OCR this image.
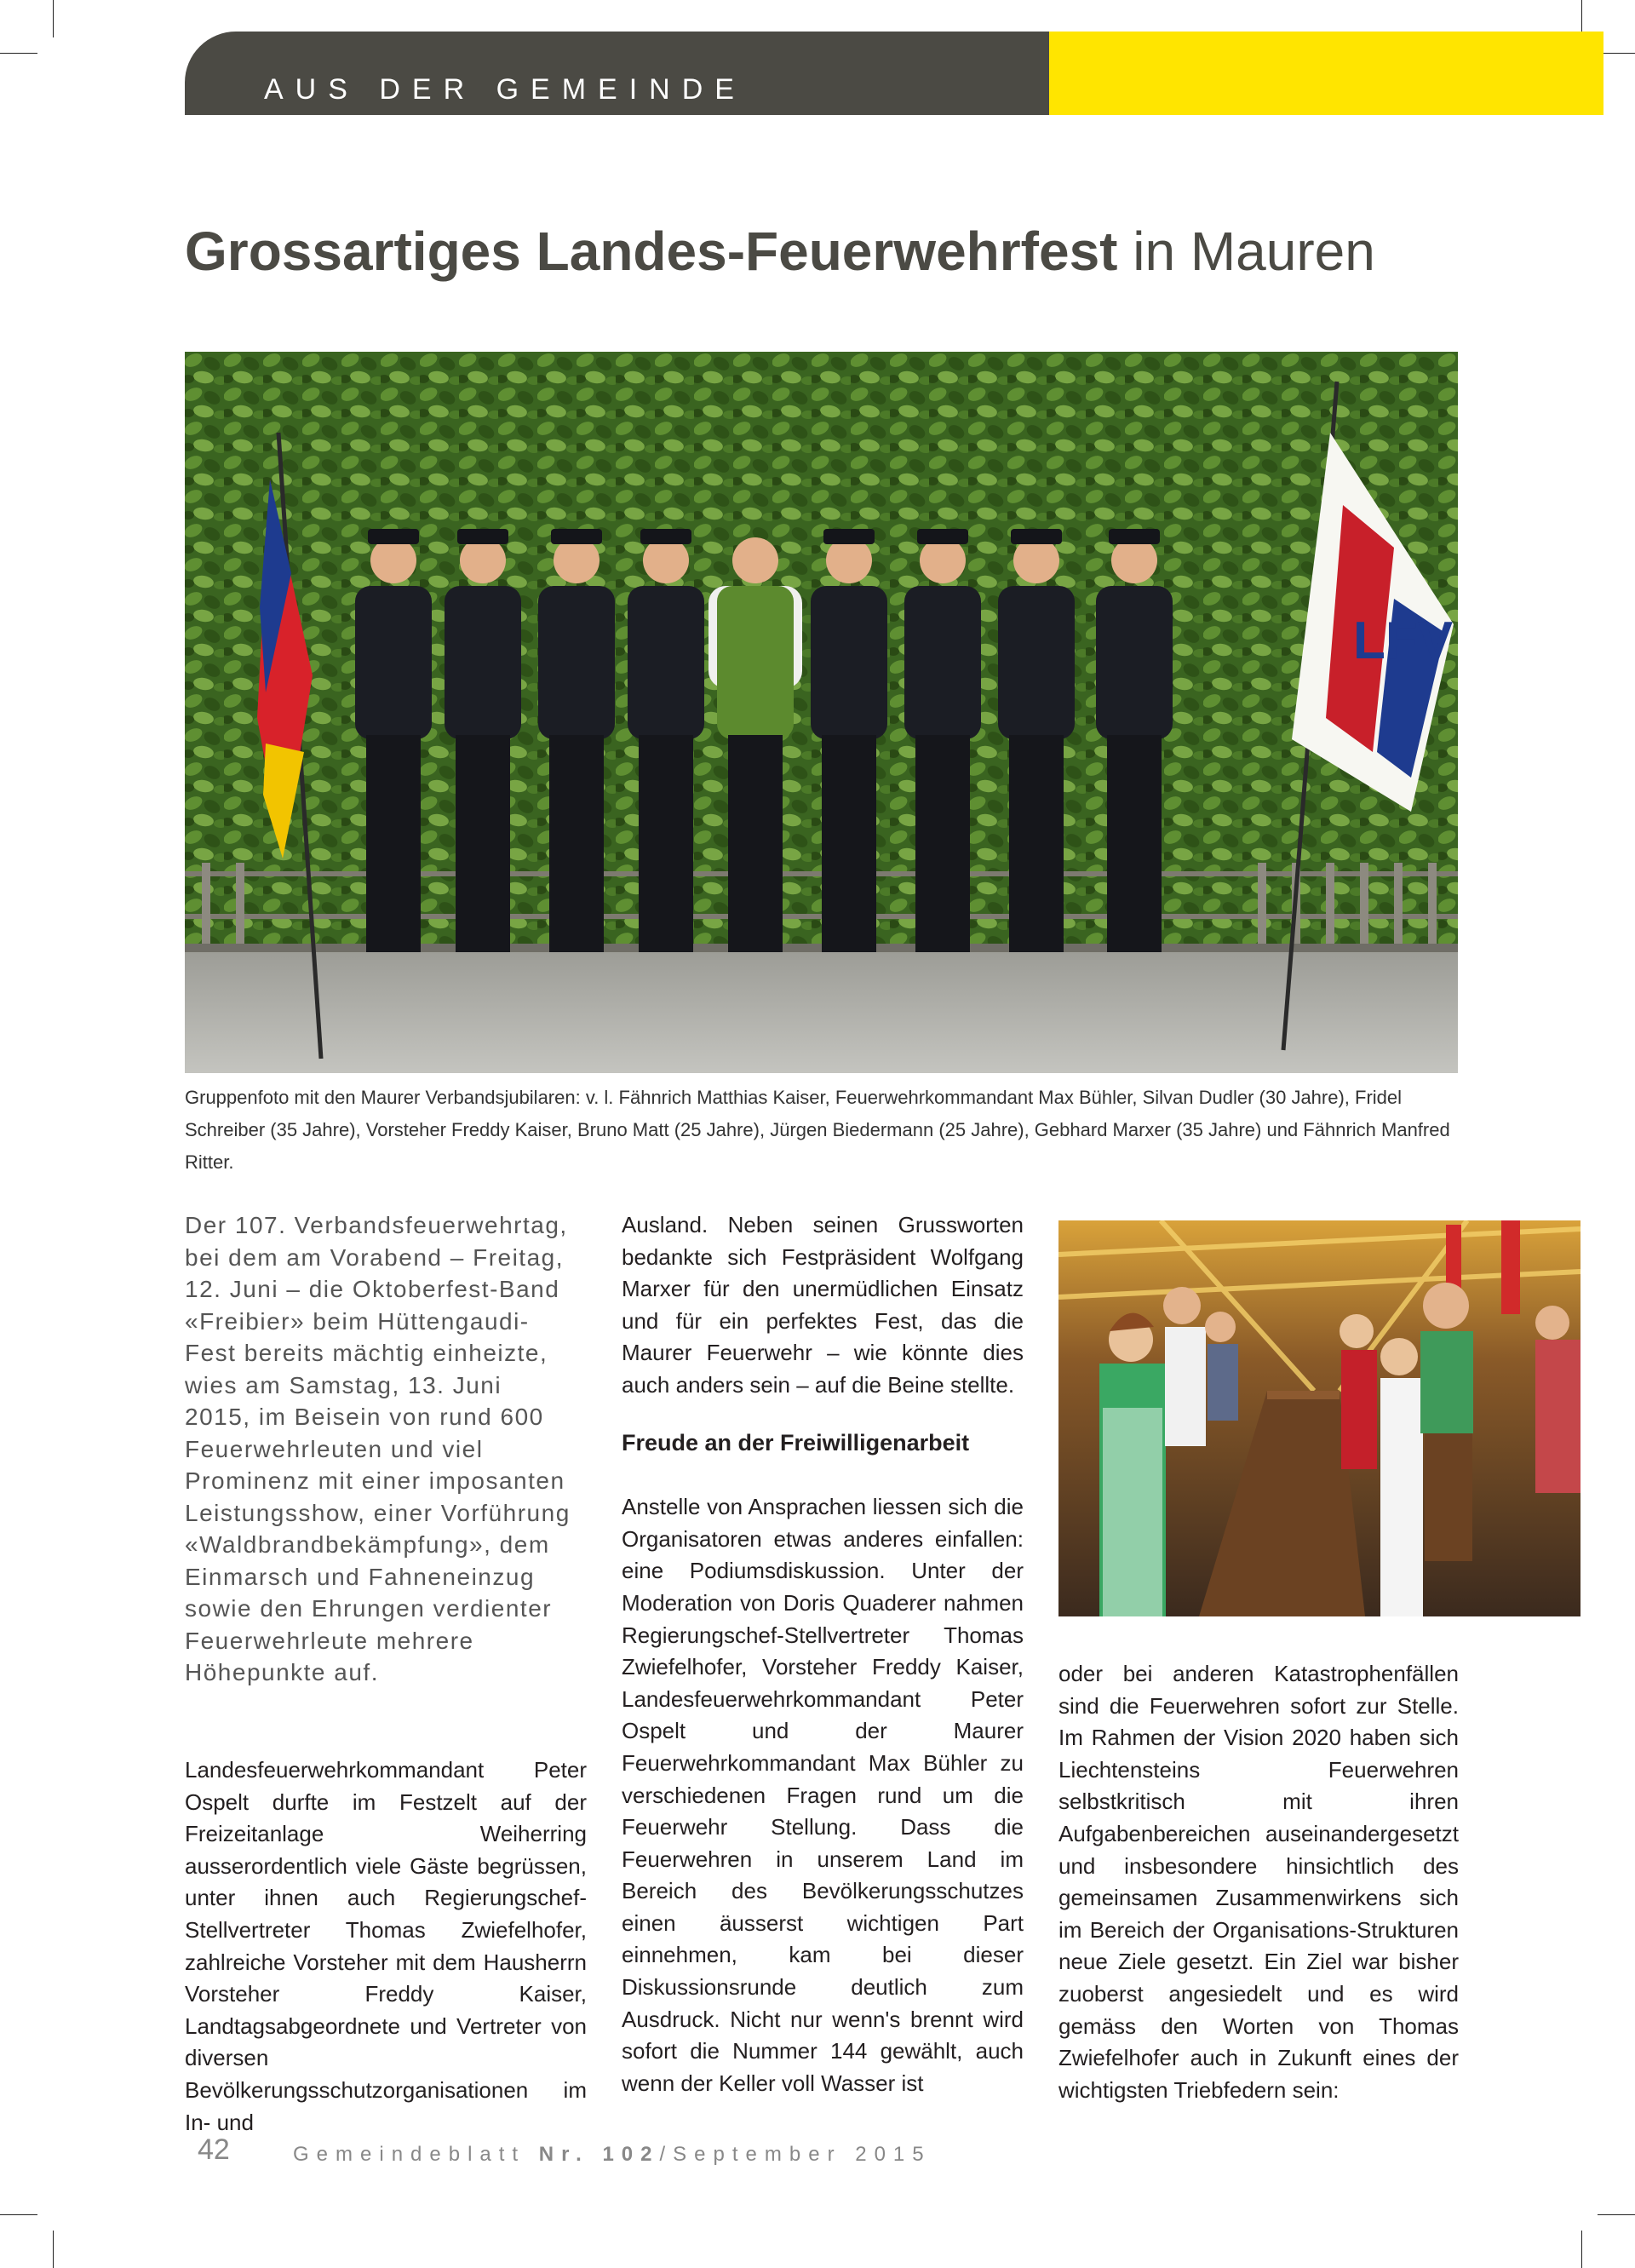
AUS DER GEMEINDE
Grossartiges Landes-Feuerwehrfest in Mauren
LFV
Gruppenfoto mit den Maurer Verbandsjubilaren: v. l. Fähnrich Matthias Kaiser, Feuerwehrkommandant Max Bühler, Silvan Dudler (30 Jahre), Fridel Schreiber (35 Jahre), Vorsteher Freddy Kaiser, Bruno Matt (25 Jahre), Jürgen Biedermann (25 Jahre), Gebhard Marxer (35 Jahre) und Fähnrich Manfred Ritter.

Der 107. Verbandsfeuerwehrtag, bei dem am Vorabend – Freitag, 12. Juni – die Oktoberfest-Band «Freibier» beim Hüttengaudi-Fest bereits mächtig einheizte, wies am Samstag, 13. Juni 2015, im Beisein von rund 600 Feuerwehrleuten und viel Prominenz mit einer imposanten Leistungsshow, einer Vorführung «Waldbrandbekämpfung», dem Einmarsch und Fahneneinzug sowie den Ehrungen verdienter Feuerwehrleute mehrere Höhepunkte auf.

Landesfeuerwehrkommandant Peter Ospelt durfte im Festzelt auf der Freizeitanlage Weiherring ausserordentlich viele Gäste begrüssen, unter ihnen auch Regierungschef-Stellvertreter Thomas Zwiefelhofer, zahlreiche Vorsteher mit dem Hausherrn Vorsteher Freddy Kaiser, Landtagsabgeordnete und Vertreter von diversen Bevölkerungsschutzorganisationen im In- und

Ausland. Neben seinen Grussworten bedankte sich Festpräsident Wolfgang Marxer für den unermüdlichen Einsatz und für ein perfektes Fest, das die Maurer Feuerwehr – wie könnte dies auch anders sein – auf die Beine stellte.

Freude an der Freiwilligenarbeit

Anstelle von Ansprachen liessen sich die Organisatoren etwas anderes einfallen: eine Podiumsdiskussion. Unter der Moderation von Doris Quaderer nahmen Regierungschef-Stellvertreter Thomas Zwiefelhofer, Vorsteher Freddy Kaiser, Landesfeuerwehrkommandant Peter Ospelt und der Maurer Feuerwehrkommandant Max Bühler zu verschiedenen Fragen rund um die Feuerwehr Stellung. Dass die Feuerwehren in unserem Land im Bereich des Bevölkerungsschutzes einen äusserst wichtigen Part einnehmen, kam bei dieser Diskussionsrunde deutlich zum Ausdruck. Nicht nur wenn's brennt wird sofort die Nummer 144 gewählt, auch wenn der Keller voll Wasser ist

oder bei anderen Katastrophenfällen sind die Feuerwehren sofort zur Stelle. Im Rahmen der Vision 2020 haben sich Liechtensteins Feuerwehren selbstkritisch mit ihren Aufgabenbereichen auseinandergesetzt und insbesondere hinsichtlich des gemeinsamen Zusammenwirkens sich im Bereich der Organisations-Strukturen neue Ziele gesetzt. Ein Ziel war bisher zuoberst angesiedelt und es wird gemäss den Worten von Thomas Zwiefelhofer auch in Zukunft eines der wichtigsten Triebfedern sein:

42	Gemeindeblatt Nr. 102/September 2015
